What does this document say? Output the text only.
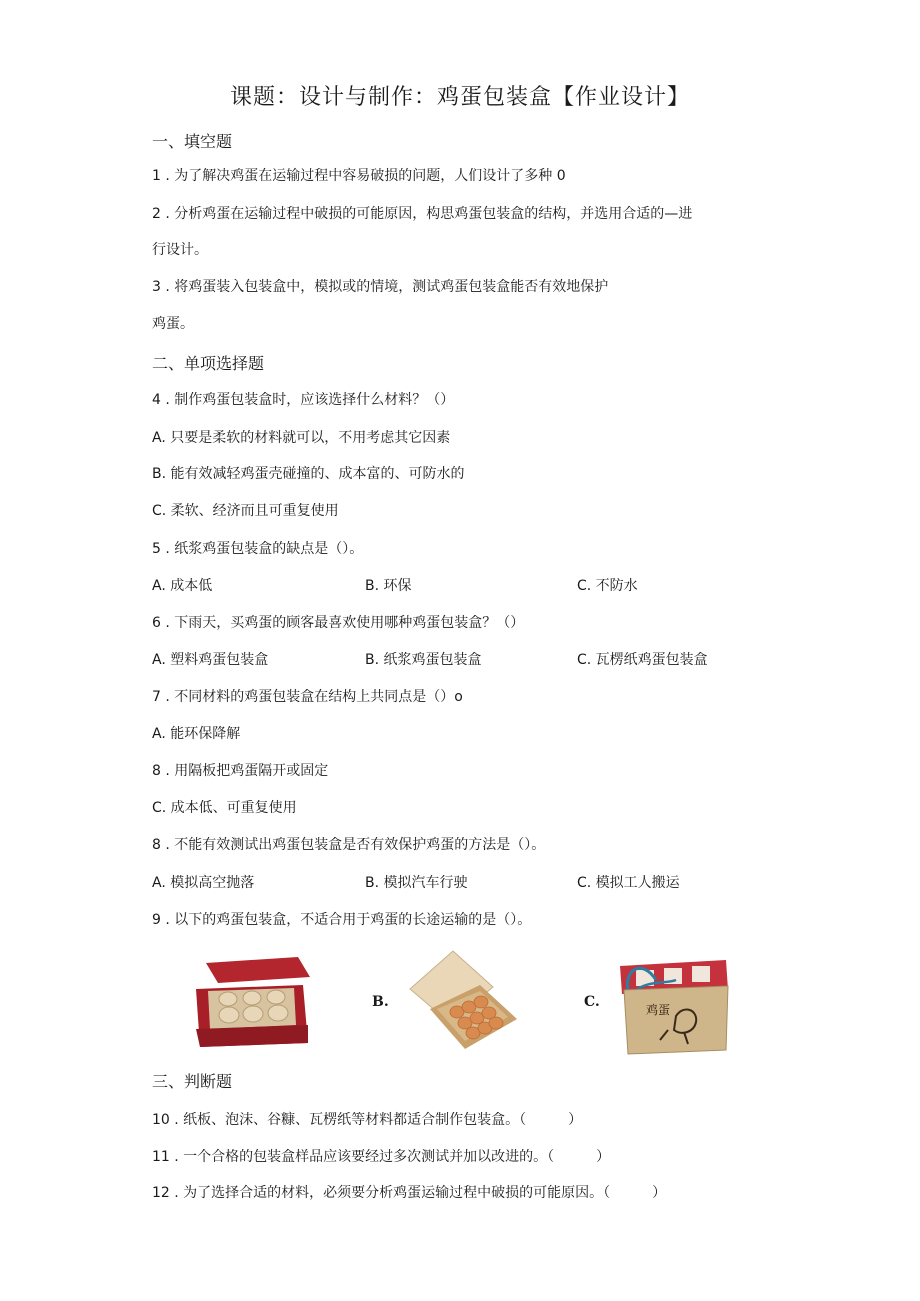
课题：设计与制作：鸡蛋包装盒【作业设计】
一、填空题
1 . 为了解决鸡蛋在运输过程中容易破损的问题，人们设计了多种 0
2 . 分析鸡蛋在运输过程中破损的可能原因，构思鸡蛋包装盒的结构，并选用合适的—进
行设计。
3 . 将鸡蛋装入包装盒中，模拟或的情境，测试鸡蛋包装盒能否有效地保护
鸡蛋。
二、单项选择题
4 . 制作鸡蛋包装盒时，应该选择什么材料？（）
A. 只要是柔软的材料就可以，不用考虑其它因素
B. 能有效减轻鸡蛋壳碰撞的、成本富的、可防水的
C. 柔软、经济而且可重复使用
5 . 纸浆鸡蛋包装盒的缺点是（）。
A. 成本低	B. 环保	C. 不防水
6 . 下雨天，买鸡蛋的顾客最喜欢使用哪种鸡蛋包装盒？（）
A. 塑料鸡蛋包装盒	B. 纸浆鸡蛋包装盒	C. 瓦楞纸鸡蛋包装盒
7 . 不同材料的鸡蛋包装盒在结构上共同点是（）o
A. 能环保降解
8 . 用隔板把鸡蛋隔开或固定
C. 成本低、可重复使用
8 . 不能有效测试出鸡蛋包装盒是否有效保护鸡蛋的方法是（）。
A. 模拟高空抛落	B. 模拟汽车行驶	C. 模拟工人搬运
9 . 以下的鸡蛋包装盒，不适合用于鸡蛋的长途运输的是（）。
B.	C.	鸡蛋
三、判断题
10 . 纸板、泡沫、谷糠、瓦楞纸等材料都适合制作包装盒。（　　　）
11 . 一个合格的包装盒样品应该要经过多次测试并加以改进的。（　　　）
12 . 为了选择合适的材料，必须要分析鸡蛋运输过程中破损的可能原因。（　　　）
